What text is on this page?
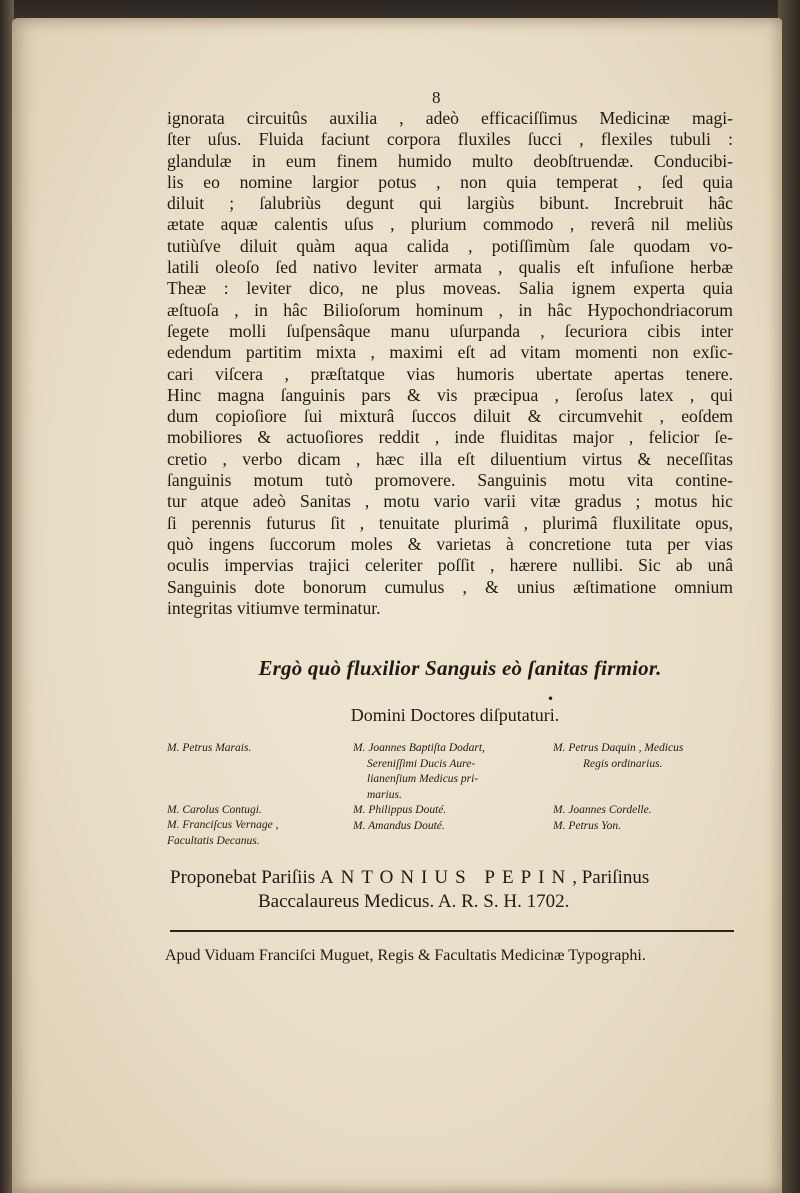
8
ignorata circuitûs auxilia , adeò efficaciſſimus Medicinæ magi-
ſter uſus. Fluida faciunt corpora fluxiles ſucci , flexiles tubuli :
glandulæ in eum finem humido multo deobſtruendæ. Conducibi-
lis eo nomine largior potus , non quia temperat , ſed quia
diluit ; ſalubriùs degunt qui largiùs bibunt. Increbruit hâc
ætate aquæ calentis uſus , plurium commodo , reverâ nil meliùs
tutiùſve diluit quàm aqua calida , potiſſimùm ſale quodam vo-
latili oleoſo ſed nativo leviter armata , qualis eſt infuſione herbæ
Theæ : leviter dico, ne plus moveas. Salia ignem experta quia
æſtuoſa , in hâc Bilioſorum hominum , in hâc Hypochondriacorum
ſegete molli ſuſpensâque manu uſurpanda , ſecuriora cibis inter
edendum partitim mixta , maximi eſt ad vitam momenti non exſic-
cari viſcera , præſtatque vias humoris ubertate apertas tenere.
Hinc magna ſanguinis pars & vis præcipua , ſeroſus latex , qui
dum copioſiore ſui mixturâ ſuccos diluit & circumvehit , eoſdem
mobiliores & actuoſiores reddit , inde fluiditas major , felicior ſe-
cretio , verbo dicam , hæc illa eſt diluentium virtus & neceſſitas
ſanguinis motum tutò promovere. Sanguinis motu vita contine-
tur atque adeò Sanitas , motu vario varii vitæ gradus ; motus hic
ſi perennis futurus ſit , tenuitate plurimâ , plurimâ fluxilitate opus,
quò ingens ſuccorum moles & varietas à concretione tuta per vias
oculis impervias trajici celeriter poſſit , hærere nullibi. Sic ab unâ
Sanguinis dote bonorum cumulus , & unius æſtimatione omnium
integritas vitiumve terminatur.
Ergò quò fluxilior Sanguis eò ſanitas firmior.
•
Domini Doctores diſputaturi.
M. Petrus Marais.
M. Carolus Contugi.
M. Franciſcus Vernage ,
Facultatis Decanus.
M. Joannes Baptiſta Dodart,
Sereniſſimi Ducis Aure-
lianenſium Medicus pri-
marius.
M. Philippus Douté.
M. Amandus Douté.
M. Petrus Daquin , Medicus
Regis ordinarius.
M. Joannes Cordelle.
M. Petrus Yon.
Proponebat Pariſiis ANTONIUS PEPIN, Pariſinus
Baccalaureus Medicus. A. R. S. H. 1702.
Apud Viduam Franciſci Muguet, Regis & Facultatis Medicinæ Typographi.
